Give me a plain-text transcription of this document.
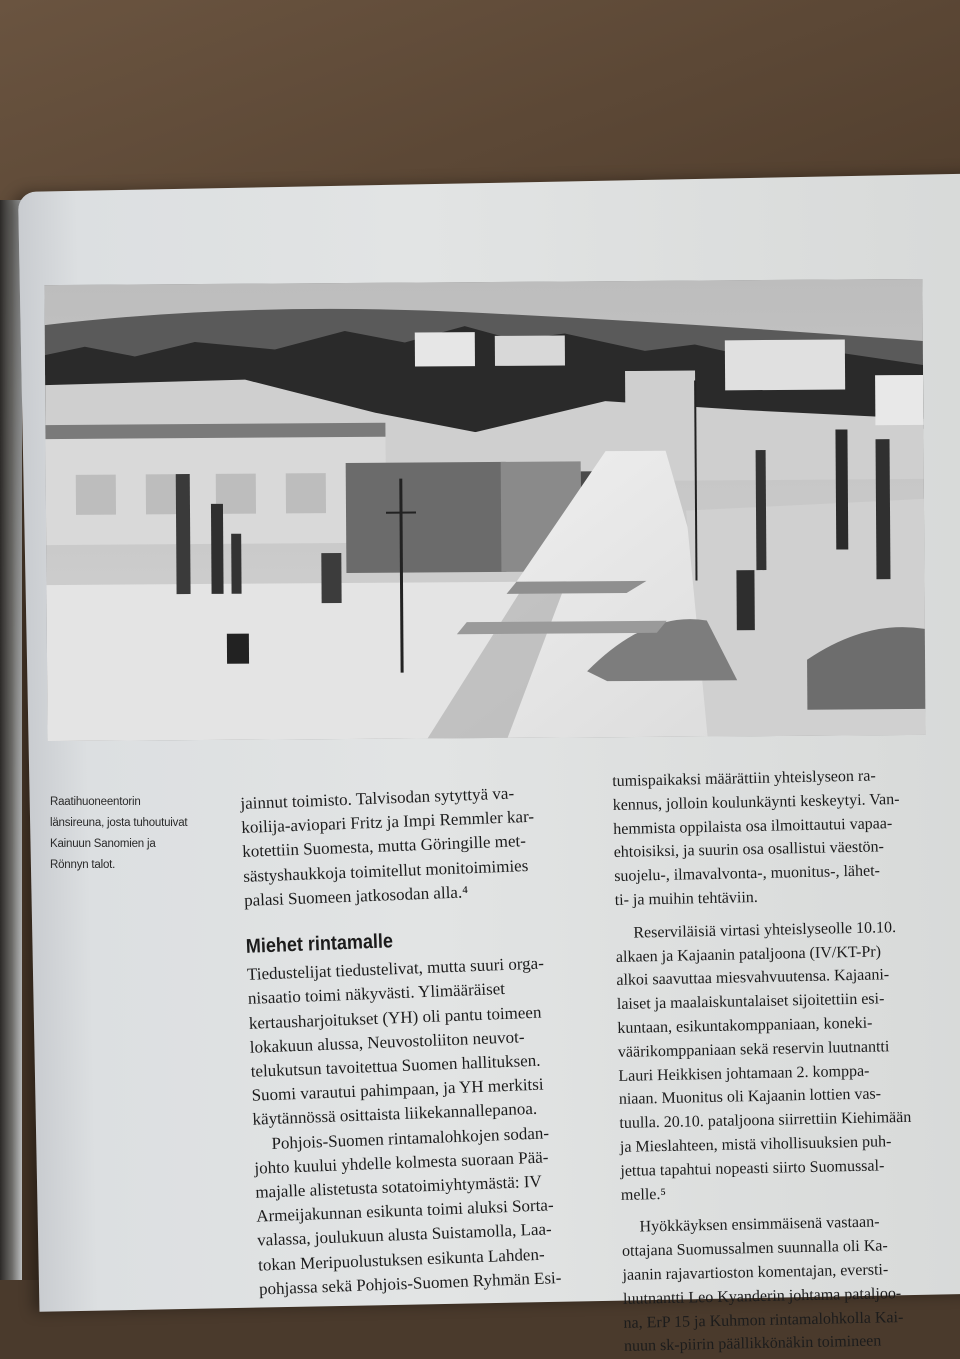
Raatihuoneentorin
länsireuna, josta tuhoutuivat
Kainuun Sanomien ja
Rönnyn talot.
jainnut toimisto. Talvisodan sytyttyä va-
koilija-aviopari Fritz ja Impi Remmler kar-
kotettiin Suomesta, mutta Göringille met-
sästyshaukkoja toimitellut monitoimimies
palasi Suomeen jatkosodan alla.⁴
Miehet rintamalle
Tiedustelijat tiedustelivat, mutta suuri orga-
nisaatio toimi näkyvästi. Ylimääräiset
kertausharjoitukset (YH) oli pantu toimeen
lokakuun alussa, Neuvostoliiton neuvot-
telukutsun tavoitettua Suomen hallituksen.
Suomi varautui pahimpaan, ja YH merkitsi
käytännössä osittaista liikekannallepanoa.
Pohjois-Suomen rintamalohkojen sodan-
johto kuului yhdelle kolmesta suoraan Pää-
majalle alistetusta sotatoimiyhtymästä: IV
Armeijakunnan esikunta toimi aluksi Sorta-
valassa, joulukuun alusta Suistamolla, Laa-
tokan Meripuolustuksen esikunta Lahden-
pohjassa sekä Pohjois-Suomen Ryhmän Esi-
tumispaikaksi määrättiin yhteislyseon ra-
kennus, jolloin koulunkäynti keskeytyi. Van-
hemmista oppilaista osa ilmoittautui vapaa-
ehtoisiksi, ja suurin osa osallistui väestön-
suojelu-, ilmavalvonta-, muonitus-, lähet-
ti- ja muihin tehtäviin.
Reserviläisiä virtasi yhteislyseolle 10.10.
alkaen ja Kajaanin pataljoona (IV/KT-Pr)
alkoi saavuttaa miesvahvuutensa. Kajaani-
laiset ja maalaiskuntalaiset sijoitettiin esi-
kuntaan, esikuntakomppaniaan, koneki-
väärikomppaniaan sekä reservin luutnantti
Lauri Heikkisen johtamaan 2. komppa-
niaan. Muonitus oli Kajaanin lottien vas-
tuulla. 20.10. pataljoona siirrettiin Kiehimään
ja Mieslahteen, mistä vihollisuuksien puh-
jettua tapahtui nopeasti siirto Suomussal-
melle.⁵
Hyökkäyksen ensimmäisenä vastaan-
ottajana Suomussalmen suunnalla oli Ka-
jaanin rajavartioston komentajan, eversti-
luutnantti Leo Kyanderin johtama pataljoo-
na, ErP 15 ja Kuhmon rintamalohkolla Kai-
nuun sk-piirin päällikkönäkin toimineen
